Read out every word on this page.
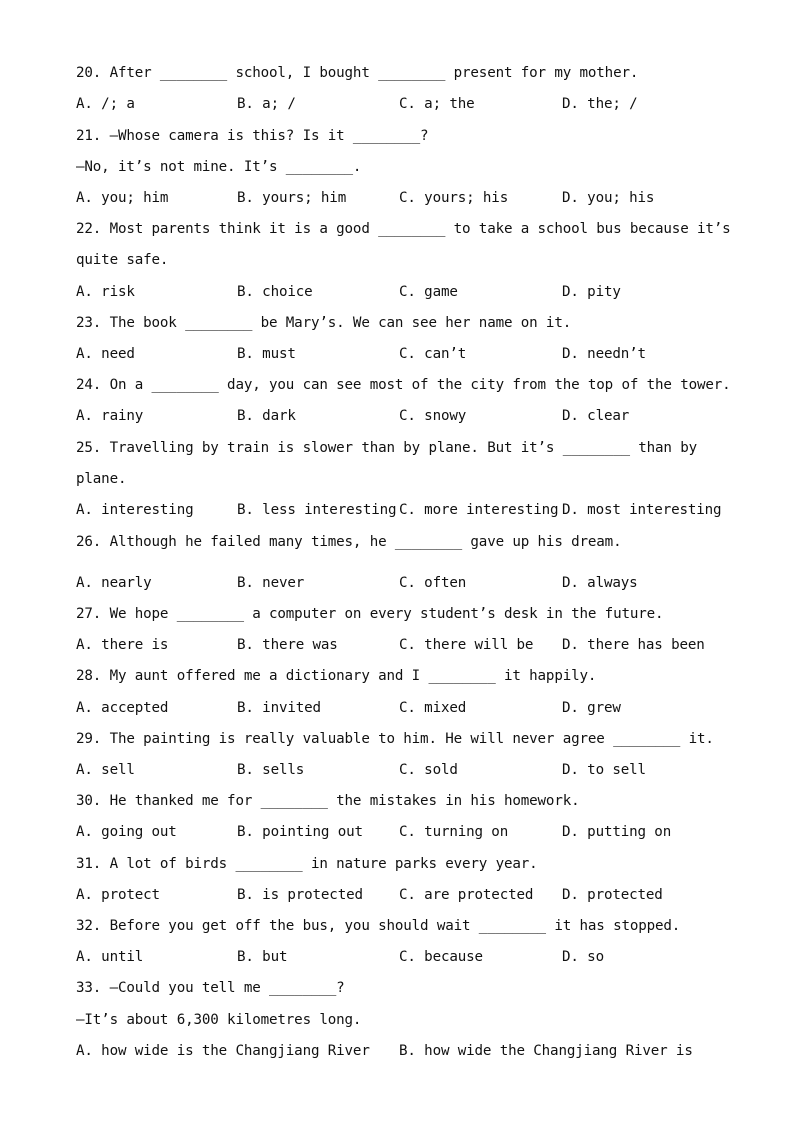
20. After ________ school, I bought ________ present for my mother.
A. /; a	B. a; /	C. a; the	D. the; /
21. —Whose camera is this? Is it ________?
—No, it’s not mine. It’s ________.
A. you; him	B. yours; him	C. yours; his	D. you; his
22. Most parents think it is a good ________ to take a school bus because it’s
quite safe.
A. risk	B. choice	C. game	D. pity
23. The book ________ be Mary’s. We can see her name on it.
A. need	B. must	C. can’t	D. needn’t
24. On a ________ day, you can see most of the city from the top of the tower.
A. rainy	B. dark	C. snowy	D. clear
25. Travelling by train is slower than by plane. But it’s ________ than by
plane.
A. interesting	B. less interesting C. more interesting D. most interesting
26. Although he failed many times, he ________ gave up his dream.
A. nearly	B. never	C. often	D. always
27. We hope ________ a computer on every student’s desk in the future.
A. there is	B. there was	C. there will be D. there has been
28. My aunt offered me a dictionary and I ________ it happily.
A. accepted	B. invited	C. mixed	D. grew
29. The painting is really valuable to him. He will never agree ________ it.
A. sell	B. sells	C. sold	D. to sell
30. He thanked me for ________ the mistakes in his homework.
A. going out	B. pointing out	C. turning on	D. putting on
31. A lot of birds ________ in nature parks every year.
A. protect	B. is protected	C. are protected D. protected
32. Before you get off the bus, you should wait ________ it has stopped.
A. until	B. but	C. because	D. so
33. —Could you tell me ________?
—It’s about 6,300 kilometres long.
A. how wide is the Changjiang River B. how wide the Changjiang River is
